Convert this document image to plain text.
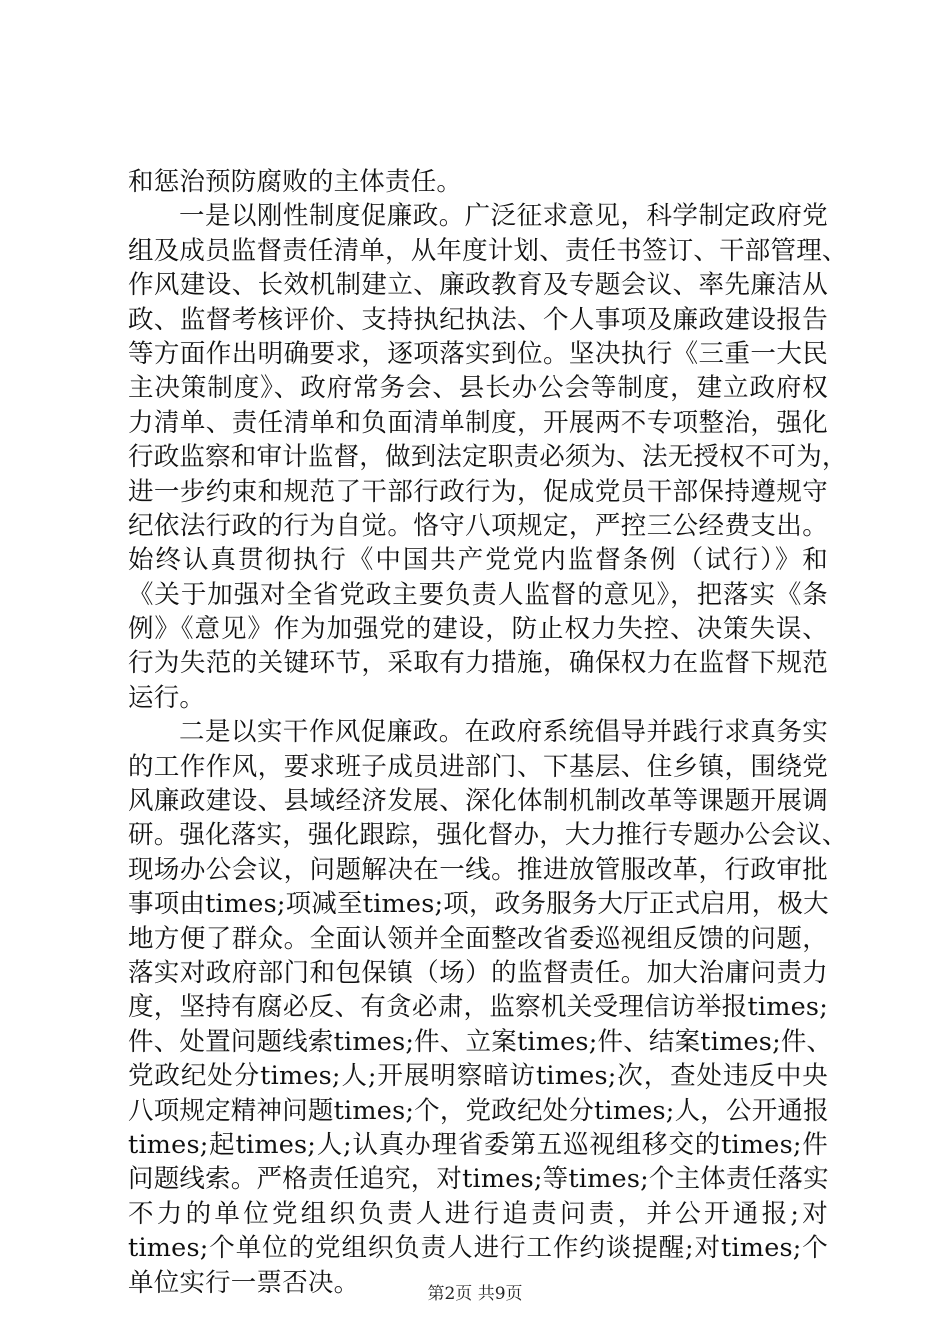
和惩治预防腐败的主体责任。
一是以刚性制度促廉政。广泛征求意见，科学制定政府党
组及成员监督责任清单，从年度计划、责任书签订、干部管理、
作风建设、长效机制建立、廉政教育及专题会议、率先廉洁从
政、监督考核评价、支持执纪执法、个人事项及廉政建设报告
等方面作出明确要求，逐项落实到位。坚决执行《三重一大民
主决策制度》、政府常务会、县长办公会等制度，建立政府权
力清单、责任清单和负面清单制度，开展两不专项整治，强化
行政监察和审计监督，做到法定职责必须为、法无授权不可为，
进一步约束和规范了干部行政行为，促成党员干部保持遵规守
纪依法行政的行为自觉。恪守八项规定，严控三公经费支出。
始终认真贯彻执行《中国共产党党内监督条例（试行）》和
《关于加强对全省党政主要负责人监督的意见》，把落实《条
例》《意见》作为加强党的建设，防止权力失控、决策失误、
行为失范的关键环节，采取有力措施，确保权力在监督下规范
运行。
二是以实干作风促廉政。在政府系统倡导并践行求真务实
的工作作风，要求班子成员进部门、下基层、住乡镇，围绕党
风廉政建设、县域经济发展、深化体制机制改革等课题开展调
研。强化落实，强化跟踪，强化督办，大力推行专题办公会议、
现场办公会议，问题解决在一线。推进放管服改革，行政审批
事项由times;项减至times;项，政务服务大厅正式启用，极大
地方便了群众。全面认领并全面整改省委巡视组反馈的问题，
落实对政府部门和包保镇（场）的监督责任。加大治庸问责力
度，坚持有腐必反、有贪必肃，监察机关受理信访举报times;
件、处置问题线索times;件、立案times;件、结案times;件、
党政纪处分times;人;开展明察暗访times;次，查处违反中央
八项规定精神问题times;个，党政纪处分times;人，公开通报
times;起times;人;认真办理省委第五巡视组移交的times;件
问题线索。严格责任追究，对times;等times;个主体责任落实
不力的单位党组织负责人进行追责问责，并公开通报;对
times;个单位的党组织负责人进行工作约谈提醒;对times;个
单位实行一票否决。	第2页 共9页
